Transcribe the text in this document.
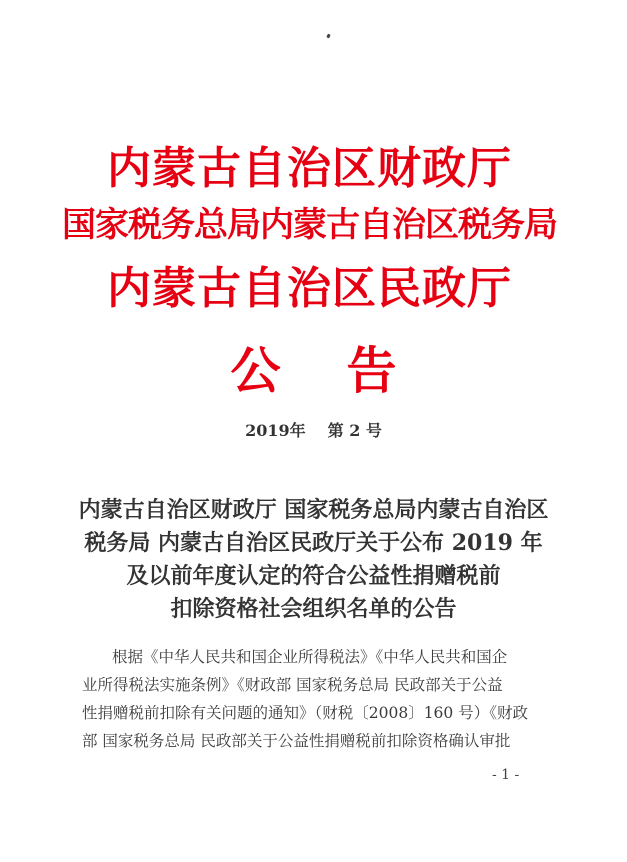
内蒙古自治区财政厅
国家税务总局内蒙古自治区税务局
内蒙古自治区民政厅
公告
2019年 第 2 号
内蒙古自治区财政厅 国家税务总局内蒙古自治区
税务局 内蒙古自治区民政厅关于公布 2019 年
及以前年度认定的符合公益性捐赠税前
扣除资格社会组织名单的公告
根据《中华人民共和国企业所得税法》《中华人民共和国企
业所得税法实施条例》《财政部 国家税务总局 民政部关于公益
性捐赠税前扣除有关问题的通知》（财税〔2008〕160 号）《财政
部 国家税务总局 民政部关于公益性捐赠税前扣除资格确认审批
- 1 -
